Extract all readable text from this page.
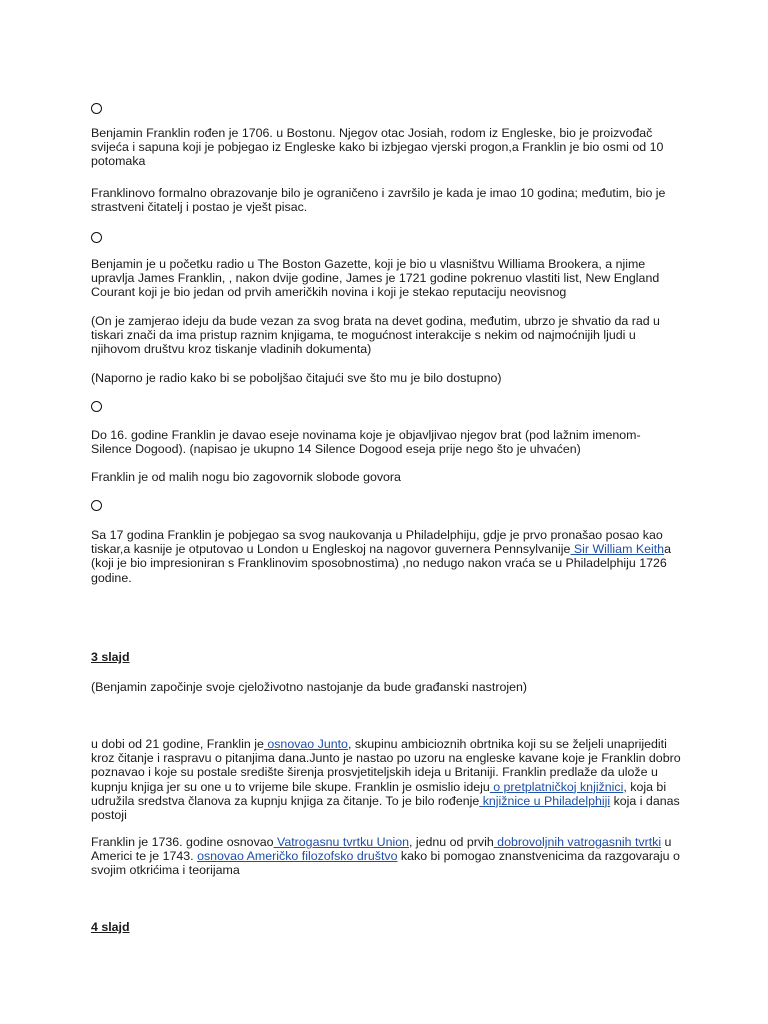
Benjamin Franklin rođen je 1706. u Bostonu. Njegov otac Josiah, rodom iz Engleske, bio je proizvođač svijeća i sapuna koji je pobjegao iz Engleske kako bi izbjegao vjerski progon,a Franklin je bio osmi od 10 potomaka

Franklinovo formalno obrazovanje bilo je ograničeno i završilo je kada je imao 10 godina; međutim, bio je strastveni čitatelj i postao je vješt pisac.

Benjamin je u početku radio u The Boston Gazette, koji je bio u vlasništvu Williama Brookera, a njime upravlja James Franklin, , nakon dvije godine, James je 1721 godine pokrenuo vlastiti list, New England Courant koji je bio jedan od prvih američkih novina i koji je stekao reputaciju neovisnog

(On je zamjerao ideju da bude vezan za svog brata na devet godina, međutim, ubrzo je shvatio da rad u tiskari znači da ima pristup raznim knjigama, te mogućnost interakcije s nekim od najmoćnijih ljudi u njihovom društvu kroz tiskanje vladinih dokumenta)

(Naporno je radio kako bi se poboljšao čitajući sve što mu je bilo dostupno)

Do 16. godine Franklin je davao eseje novinama koje je objavljivao njegov brat (pod lažnim imenom- Silence Dogood). (napisao je ukupno 14 Silence Dogood eseja prije nego što je uhvaćen)

Franklin je od malih nogu bio zagovornik slobode govora

Sa 17 godina Franklin je pobjegao sa svog naukovanja u Philadelphiju, gdje je prvo pronašao posao kao tiskar,a kasnije je otputovao u London u Engleskoj na nagovor guvernera Pennsylvanije Sir William Keitha (koji je bio impresioniran s Franklinovim sposobnostima) ,no nedugo nakon vraća se u Philadelphiju 1726 godine.

3 slajd

(Benjamin započinje svoje cjeloživotno nastojanje da bude građanski nastrojen)

u dobi od 21 godine, Franklin je osnovao Junto, skupinu ambicioznih obrtnika koji su se željeli unaprijediti kroz čitanje i raspravu o pitanjima dana.Junto je nastao po uzoru na engleske kavane koje je Franklin dobro poznavao i koje su postale središte širenja prosvjetiteljskih ideja u Britaniji. Franklin predlaže da ulože u kupnju knjiga jer su one u to vrijeme bile skupe. Franklin je osmislio ideju o pretplatničkoj knjižnici, koja bi udružila sredstva članova za kupnju knjiga za čitanje. To je bilo rođenje knjižnice u Philadelphiji koja i danas postoji

Franklin je 1736. godine osnovao Vatrogasnu tvrtku Union, jednu od prvih dobrovoljnih vatrogasnih tvrtki u Americi te je 1743. osnovao Američko filozofsko društvo kako bi pomogao znanstvenicima da razgovaraju o svojim otkrićima i teorijama

4 slajd
